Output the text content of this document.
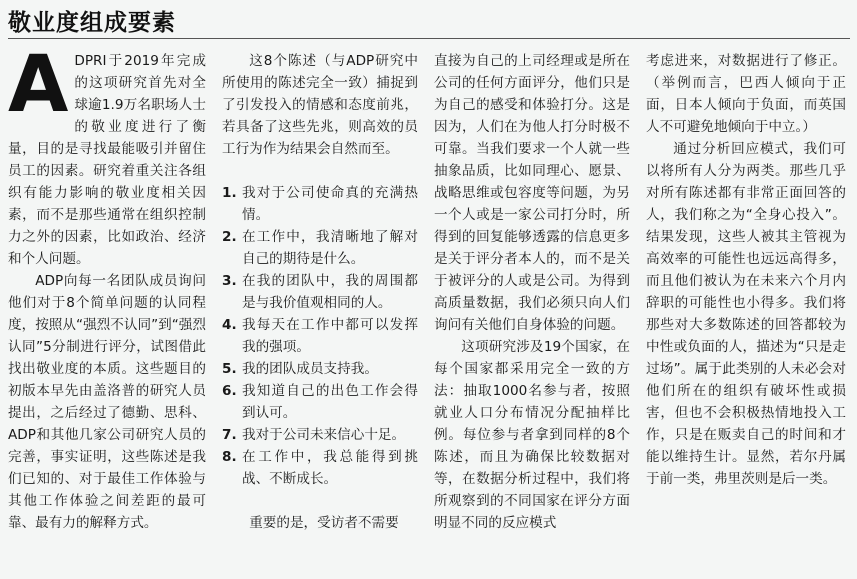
敬业度组成要素

ADPRI于2019年完成的这项研究首先对全球逾1.9万名职场人士的敬业度进行了衡量，目的是寻找最能吸引并留住员工的因素。研究着重关注各组织有能力影响的敬业度相关因素，而不是那些通常在组织控制力之外的因素，比如政治、经济和个人问题。

ADP向每一名团队成员询问他们对于8个简单问题的认同程度，按照从“强烈不认同”到“强烈认同”5分制进行评分，试图借此找出敬业度的本质。这些题目的初版本早先由盖洛普的研究人员提出，之后经过了德勤、思科、ADP和其他几家公司研究人员的完善，事实证明，这些陈述是我们已知的、对于最佳工作体验与其他工作体验之间差距的最可靠、最有力的解释方式。

这8个陈述（与ADP研究中所使用的陈述完全一致）捕捉到了引发投入的情感和态度前兆，若具备了这些先兆，则高效的员工行为作为结果会自然而至。

1. 我对于公司使命真的充满热情。
2. 在工作中，我清晰地了解对自己的期待是什么。
3. 在我的团队中，我的周围都是与我价值观相同的人。
4. 我每天在工作中都可以发挥我的强项。
5. 我的团队成员支持我。
6. 我知道自己的出色工作会得到认可。
7. 我对于公司未来信心十足。
8. 在工作中，我总能得到挑战、不断成长。

重要的是，受访者不需要

直接为自己的上司经理或是所在公司的任何方面评分，他们只是为自己的感受和体验打分。这是因为，人们在为他人打分时极不可靠。当我们要求一个人就一些抽象品质，比如同理心、愿景、战略思维或包容度等问题，为另一个人或是一家公司打分时，所得到的回复能够透露的信息更多是关于评分者本人的，而不是关于被评分的人或是公司。为得到高质量数据，我们必须只向人们询问有关他们自身体验的问题。

这项研究涉及19个国家，在每个国家都采用完全一致的方法：抽取1000名参与者，按照就业人口分布情况分配抽样比例。每位参与者拿到同样的8个陈述，而且为确保比较数据对等，在数据分析过程中，我们将所观察到的不同国家在评分方面明显不同的反应模式

考虑进来，对数据进行了修正。（举例而言，巴西人倾向于正面，日本人倾向于负面，而英国人不可避免地倾向于中立。）

通过分析回应模式，我们可以将所有人分为两类。那些几乎对所有陈述都有非常正面回答的人，我们称之为“全身心投入”。结果发现，这些人被其主管视为高效率的可能性也远远高得多，而且他们被认为在未来六个月内辞职的可能性也小得多。我们将那些对大多数陈述的回答都较为中性或负面的人，描述为“只是走过场”。属于此类别的人未必会对他们所在的组织有破坏性或损害，但也不会积极热情地投入工作，只是在贩卖自己的时间和才能以维持生计。显然，若尔丹属于前一类，弗里茨则是后一类。
